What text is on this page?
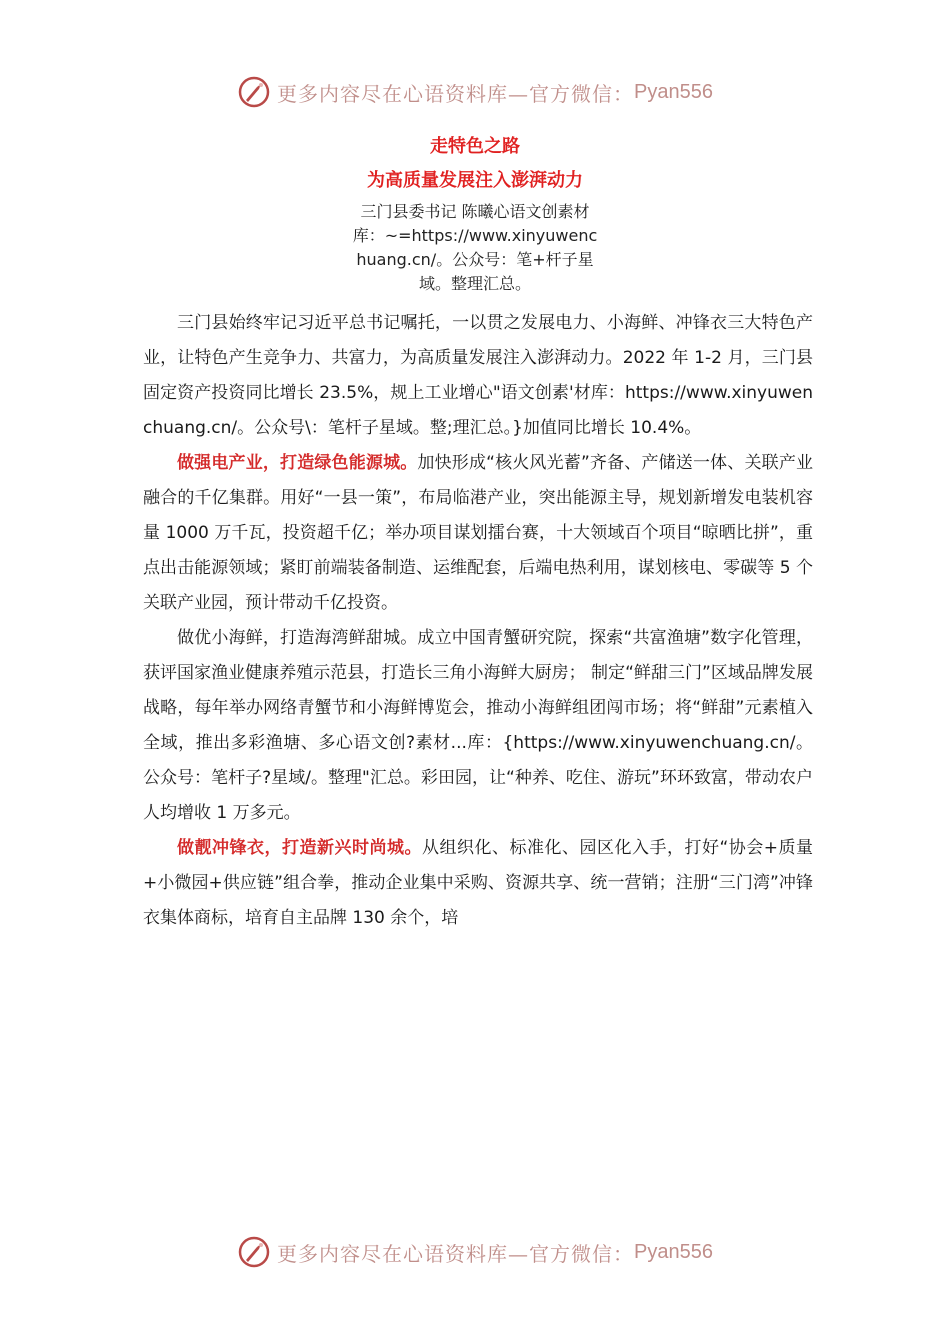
更多内容尽在心语资料库—官方微信： Pyan556
走特色之路
为高质量发展注入澎湃动力
三门县委书记 陈曦心语文创素材库：~=https://www.xinyuwenchuang.cn/。公众号：笔+杆子星域。整理汇总。

三门县始终牢记习近平总书记嘱托，一以贯之发展电力、小海鲜、冲锋衣三大特色产业，让特色产生竞争力、共富力，为高质量发展注入澎湃动力。2022 年 1-2 月，三门县固定资产投资同比增长 23.5%，规上工业增心"语文创素'材库：https://www.xinyuwenchuang.cn/。公众号\：笔杆子星域。整;理汇总。}加值同比增长 10.4%。

做强电产业，打造绿色能源城。加快形成“核火风光蓄”齐备、产储送一体、关联产业融合的千亿集群。用好“一县一策”，布局临港产业，突出能源主导，规划新增发电装机容量 1000 万千瓦，投资超千亿；举办项目谋划擂台赛，十大领域百个项目“晾晒比拼”，重点出击能源领域；紧盯前端装备制造、运维配套，后端电热利用，谋划核电、零碳等 5 个关联产业园，预计带动千亿投资。

做优小海鲜，打造海湾鲜甜城。成立中国青蟹研究院，探索“共富渔塘”数字化管理，获评国家渔业健康养殖示范县，打造长三角小海鲜大厨房； 制定“鲜甜三门”区域品牌发展战略，每年举办网络青蟹节和小海鲜博览会，推动小海鲜组团闯市场；将“鲜甜”元素植入全域，推出多彩渔塘、多心语文创?素材...库：{https://www.xinyuwenchuang.cn/。公众号：笔杆子?星域/。整理"汇总。彩田园，让“种养、吃住、游玩”环环致富，带动农户人均增收 1 万多元。

做靓冲锋衣，打造新兴时尚城。从组织化、标准化、园区化入手，打好“协会+质量+小微园+供应链”组合拳，推动企业集中采购、资源共享、统一营销；注册“三门湾”冲锋衣集体商标，培育自主品牌 130 余个，培

更多内容尽在心语资料库—官方微信： Pyan556
